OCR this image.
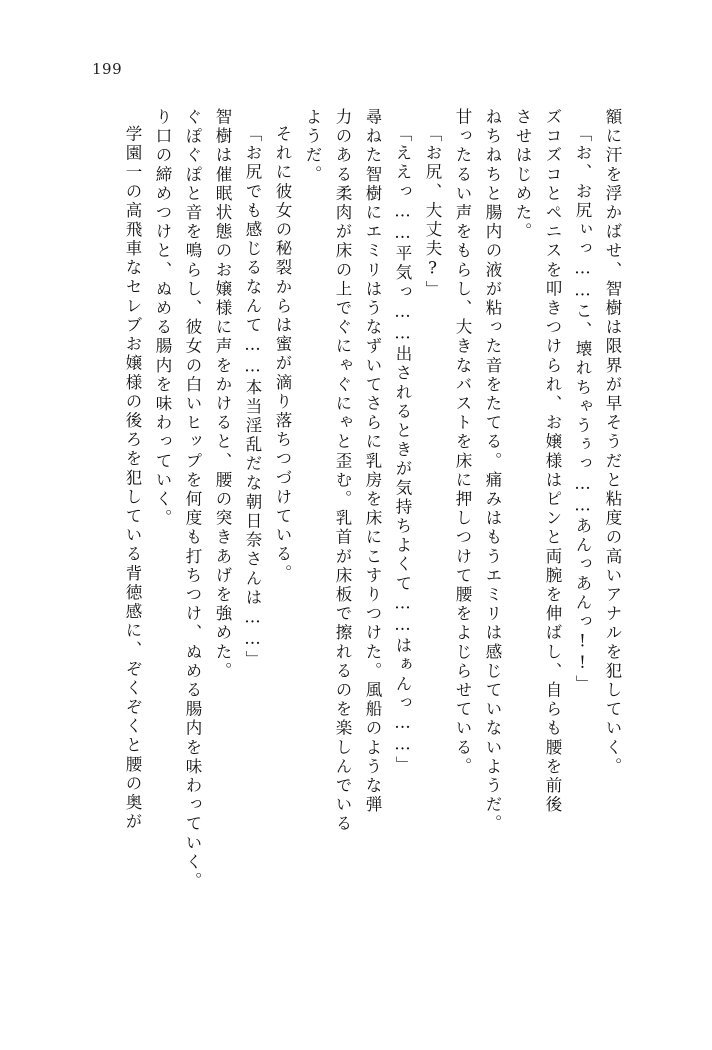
199
額に汗を浮かばせ、智樹は限界が早そうだと粘度の高いアナルを犯していく。
「お、お尻ぃっ……こ、壊れちゃうぅっ……あんっあんっ!!」
ズコズコとペニスを叩きつけられ、お嬢様はピンと両腕を伸ばし、自らも腰を前後
させはじめた。
ねちねちと腸内の液が粘った音をたてる。痛みはもうエミリは感じていないようだ。
甘ったるい声をもらし、大きなバストを床に押しつけて腰をよじらせている。
「お尻、大丈夫?」
「ええっ……平気っ……出されるときが気持ちよくて……はぁんっ……」
尋ねた智樹にエミリはうなずいてさらに乳房を床にこすりつけた。風船のような弾
力のある柔肉が床の上でぐにゃぐにゃと歪む。乳首が床板で擦れるのを楽しんでいる
ようだ。
それに彼女の秘裂からは蜜が滴り落ちつづけている。
「お尻でも感じるなんて……本当淫乱だな朝日奈さんは……」
智樹は催眠状態のお嬢様に声をかけると、腰の突きあげを強めた。
ぐぽぐぽと音を鳴らし、彼女の白いヒップを何度も打ちつけ、ぬめる腸内を味わっていく。
り口の締めつけと、ぬめる腸内を味わっていく。
学園一の高飛車なセレブお嬢様の後ろを犯している背徳感に、ぞくぞくと腰の奥が
